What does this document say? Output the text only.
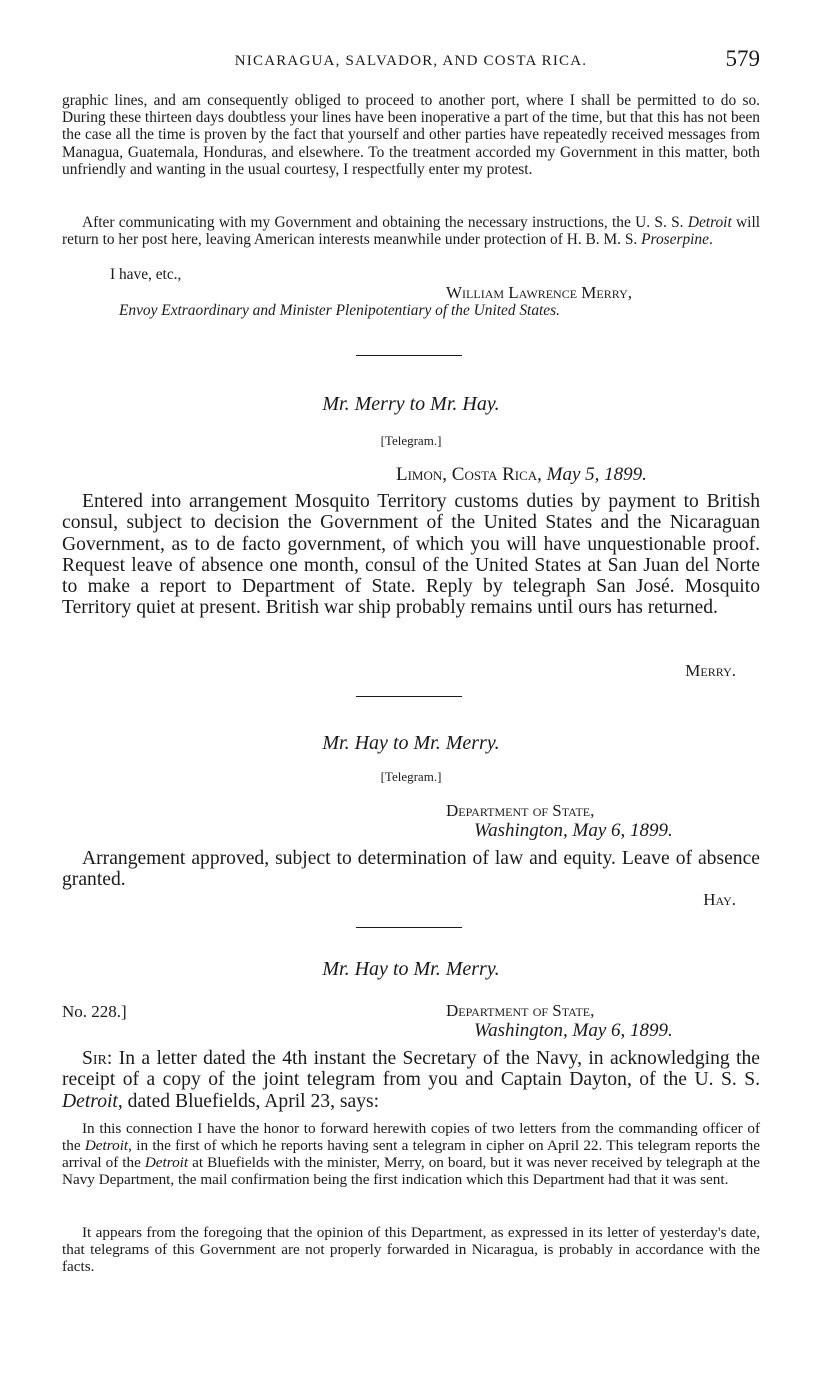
NICARAGUA, SALVADOR, AND COSTA RICA.	579

graphic lines, and am consequently obliged to proceed to another port, where I shall be permitted to do so. During these thirteen days doubtless your lines have been inoperative a part of the time, but that this has not been the case all the time is proven by the fact that yourself and other parties have repeatedly received messages from Managua, Guatemala, Honduras, and elsewhere. To the treatment accorded my Government in this matter, both unfriendly and wanting in the usual courtesy, I respectfully enter my protest.

After communicating with my Government and obtaining the necessary instructions, the U. S. S. Detroit will return to her post here, leaving American interests meanwhile under protection of H. B. M. S. Proserpine.

I have, etc.,

William Lawrence Merry,

Envoy Extraordinary and Minister Plenipotentiary of the United States.

Mr. Merry to Mr. Hay.

[Telegram.]

Limon, Costa Rica, May 5, 1899.

Entered into arrangement Mosquito Territory customs duties by payment to British consul, subject to decision the Government of the United States and the Nicaraguan Government, as to de facto government, of which you will have unquestionable proof. Request leave of absence one month, consul of the United States at San Juan del Norte to make a report to Department of State. Reply by telegraph San José. Mosquito Territory quiet at present. British war ship probably remains until ours has returned.

Merry.

Mr. Hay to Mr. Merry.

[Telegram.]

Department of State,

Washington, May 6, 1899.

Arrangement approved, subject to determination of law and equity. Leave of absence granted.

Hay.

Mr. Hay to Mr. Merry.

No. 228.]	Department of State,

Washington, May 6, 1899.

Sir: In a letter dated the 4th instant the Secretary of the Navy, in acknowledging the receipt of a copy of the joint telegram from you and Captain Dayton, of the U. S. S. Detroit, dated Bluefields, April 23, says:

In this connection I have the honor to forward herewith copies of two letters from the commanding officer of the Detroit, in the first of which he reports having sent a telegram in cipher on April 22. This telegram reports the arrival of the Detroit at Bluefields with the minister, Merry, on board, but it was never received by telegraph at the Navy Department, the mail confirmation being the first indication which this Department had that it was sent.

It appears from the foregoing that the opinion of this Department, as expressed in its letter of yesterday's date, that telegrams of this Government are not properly forwarded in Nicaragua, is probably in accordance with the facts.
